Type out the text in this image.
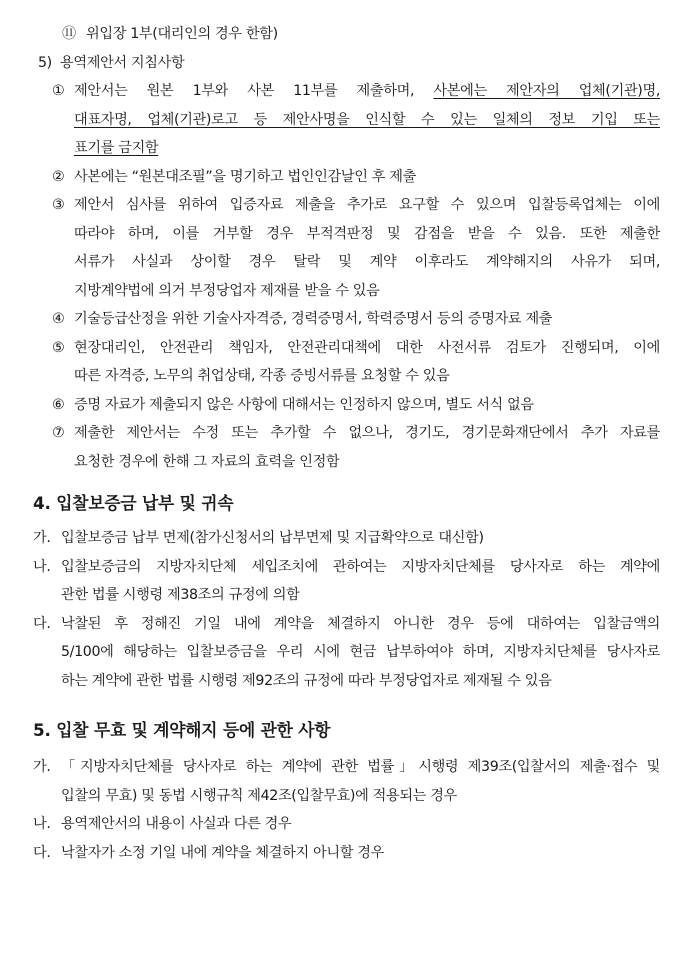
⑪ 위입장 1부(대리인의 경우 한함)
5) 용역제안서 지침사항
① 제안서는 원본 1부와 사본 11부를 제출하며, 사본에는 제안자의 업체(기관)명,
대표자명, 업체(기관)로고 등 제안사명을 인식할 수 있는 일체의 정보 기입 또는
표기를 금지함
② 사본에는 “원본대조필”을 명기하고 법인인감날인 후 제출
③ 제안서 심사를 위하여 입증자료 제출을 추가로 요구할 수 있으며 입찰등록업체는 이에
따라야 하며, 이를 거부할 경우 부적격판정 및 감점을 받을 수 있음. 또한 제출한
서류가 사실과 상이할 경우 탈락 및 계약 이후라도 계약해지의 사유가 되며,
지방계약법에 의거 부정당업자 제재를 받을 수 있음
④ 기술등급산정을 위한 기술사자격증, 경력증명서, 학력증명서 등의 증명자료 제출
⑤ 현장대리인, 안전관리 책임자, 안전관리대책에 대한 사전서류 검토가 진행되며, 이에
따른 자격증, 노무의 취업상태, 각종 증빙서류를 요청할 수 있음
⑥ 증명 자료가 제출되지 않은 사항에 대해서는 인정하지 않으며, 별도 서식 없음
⑦ 제출한 제안서는 수정 또는 추가할 수 없으나, 경기도, 경기문화재단에서 추가 자료를
요청한 경우에 한해 그 자료의 효력을 인정함
4. 입찰보증금 납부 및 귀속
가. 입찰보증금 납부 면제(참가신청서의 납부면제 및 지급확약으로 대신함)
나. 입찰보증금의 지방자치단체 세입조치에 관하여는 지방자치단체를 당사자로 하는 계약에
관한 법률 시행령 제38조의 규정에 의함
다. 낙찰된 후 정해진 기일 내에 계약을 체결하지 아니한 경우 등에 대하여는 입찰금액의
5/100에 해당하는 입찰보증금을 우리 시에 현금 납부하여야 하며, 지방자치단체를 당사자로
하는 계약에 관한 법률 시행령 제92조의 규정에 따라 부정당업자로 제재될 수 있음
5. 입찰 무효 및 계약해지 등에 관한 사항
가. 「지방자치단체를 당사자로 하는 계약에 관한 법률」시행령 제39조(입찰서의 제출·접수 및
입찰의 무효) 및 동법 시행규칙 제42조(입찰무효)에 적용되는 경우
나. 용역제안서의 내용이 사실과 다른 경우
다. 낙찰자가 소정 기일 내에 계약을 체결하지 아니할 경우
